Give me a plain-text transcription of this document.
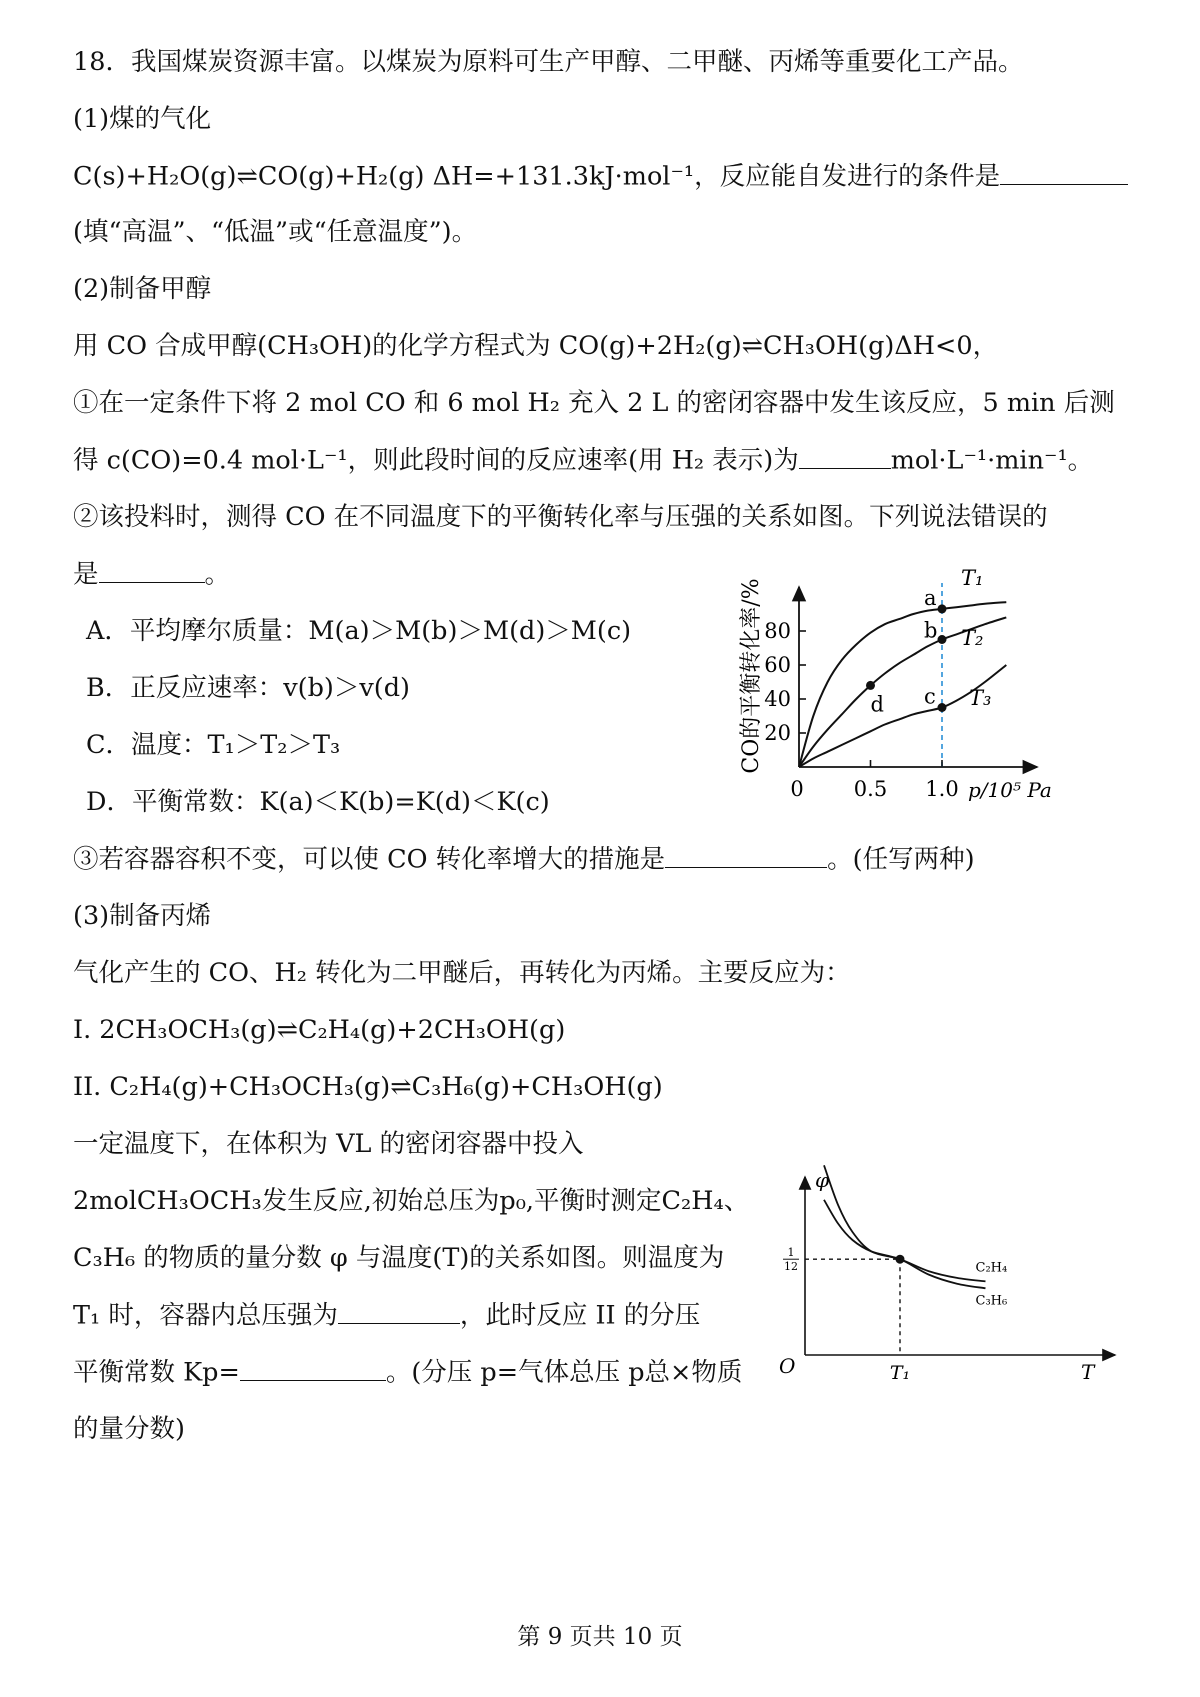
18．我国煤炭资源丰富。以煤炭为原料可生产甲醇、二甲醚、丙烯等重要化工产品。
(1)煤的气化
C(s)+H₂O(g)⇌CO(g)+H₂(g) ΔH=+131.3kJ·mol⁻¹，反应能自发进行的条件是
(填“高温”、“低温”或“任意温度”)。
(2)制备甲醇
用 CO 合成甲醇(CH₃OH)的化学方程式为 CO(g)+2H₂(g)⇌CH₃OH(g)ΔH<0，
①在一定条件下将 2 mol CO 和 6 mol H₂ 充入 2 L 的密闭容器中发生该反应，5 min 后测
得 c(CO)=0.4 mol·L⁻¹，则此段时间的反应速率(用 H₂ 表示)为	mol·L⁻¹·min⁻¹。
②该投料时，测得 CO 在不同温度下的平衡转化率与压强的关系如图。下列说法错误的
是	。
A．平均摩尔质量：M(a)＞M(b)＞M(d)＞M(c)
B．正反应速率：v(b)＞v(d)
C．温度：T₁＞T₂＞T₃
D．平衡常数：K(a)＜K(b)=K(d)＜K(c)
③若容器容积不变，可以使 CO 转化率增大的措施是	。(任写两种)
(3)制备丙烯
气化产生的 CO、H₂ 转化为二甲醚后，再转化为丙烯。主要反应为：
I. 2CH₃OCH₃(g)⇌C₂H₄(g)+2CH₃OH(g)
II. C₂H₄(g)+CH₃OCH₃(g)⇌C₃H₆(g)+CH₃OH(g)
一定温度下，在体积为 VL 的密闭容器中投入
2molCH₃OCH₃发生反应,初始总压为p₀,平衡时测定C₂H₄、
C₃H₆ 的物质的量分数 φ 与温度(T)的关系如图。则温度为
T₁ 时，容器内总压强为	，此时反应 II 的分压
平衡常数 Kp=	。(分压 p=气体总压 p总×物质
的量分数)
20
40
60
80
0 0.5 1.0
a
b
c
d
T₁
T₂
T₃
CO的平衡转化率/%
p/10⁵ Pa
C₂H₄
C₃H₆
1
12
T₁
φ
T
O
第 9 页共 10 页
